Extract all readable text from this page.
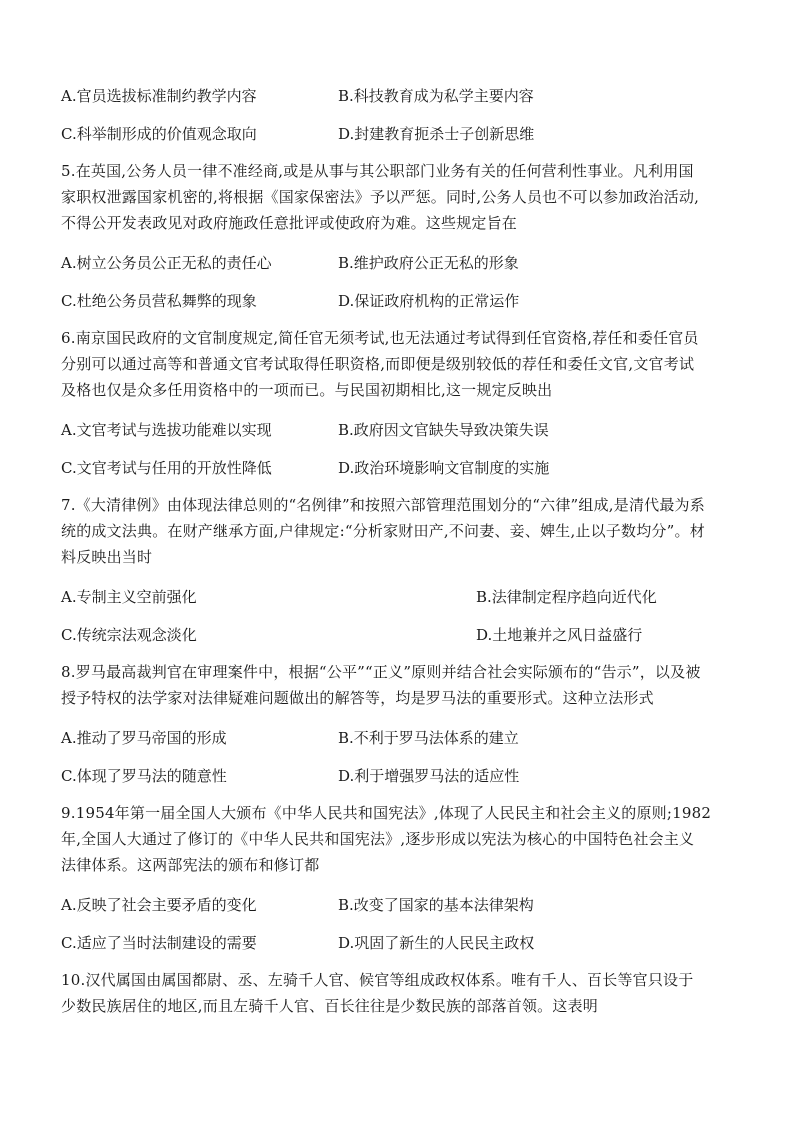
A.官员选拔标准制约教学内容	B.科技教育成为私学主要内容
C.科举制形成的价值观念取向	D.封建教育扼杀士子创新思维
5.在英国,公务人员一律不准经商,或是从事与其公职部门业务有关的任何营利性事业。凡利用国
家职权泄露国家机密的,将根据《国家保密法》予以严惩。同时,公务人员也不可以参加政治活动,
不得公开发表政见对政府施政任意批评或使政府为难。这些规定旨在
A.树立公务员公正无私的责任心	B.维护政府公正无私的形象
C.杜绝公务员营私舞弊的现象	D.保证政府机构的正常运作
6.南京国民政府的文官制度规定,简任官无须考试,也无法通过考试得到任官资格,荐任和委任官员
分别可以通过高等和普通文官考试取得任职资格,而即便是级别较低的荐任和委任文官,文官考试
及格也仅是众多任用资格中的一项而已。与民国初期相比,这一规定反映出
A.文官考试与选拔功能难以实现	B.政府因文官缺失导致决策失误
C.文官考试与任用的开放性降低	D.政治环境影响文官制度的实施
7.《大清律例》由体现法律总则的“名例律”和按照六部管理范围划分的“六律”组成,是清代最为系
统的成文法典。在财产继承方面,户律规定:“分析家财田产,不问妻、妾、婢生,止以子数均分”。材
料反映出当时
A.专制主义空前强化	B.法律制定程序趋向近代化
C.传统宗法观念淡化	D.土地兼并之风日益盛行
8.罗马最高裁判官在审理案件中，根据“公平”“正义”原则并结合社会实际颁布的“告示”，以及被
授予特权的法学家对法律疑难问题做出的解答等，均是罗马法的重要形式。这种立法形式
A.推动了罗马帝国的形成	B.不利于罗马法体系的建立
C.体现了罗马法的随意性	D.利于增强罗马法的适应性
9.1954年第一届全国人大颁布《中华人民共和国宪法》,体现了人民民主和社会主义的原则;1982
年,全国人大通过了修订的《中华人民共和国宪法》,逐步形成以宪法为核心的中国特色社会主义
法律体系。这两部宪法的颁布和修订都
A.反映了社会主要矛盾的变化	B.改变了国家的基本法律架构
C.适应了当时法制建设的需要	D.巩固了新生的人民民主政权
10.汉代属国由属国都尉、丞、左骑千人官、候官等组成政权体系。唯有千人、百长等官只设于
少数民族居住的地区,而且左骑千人官、百长往往是少数民族的部落首领。这表明
